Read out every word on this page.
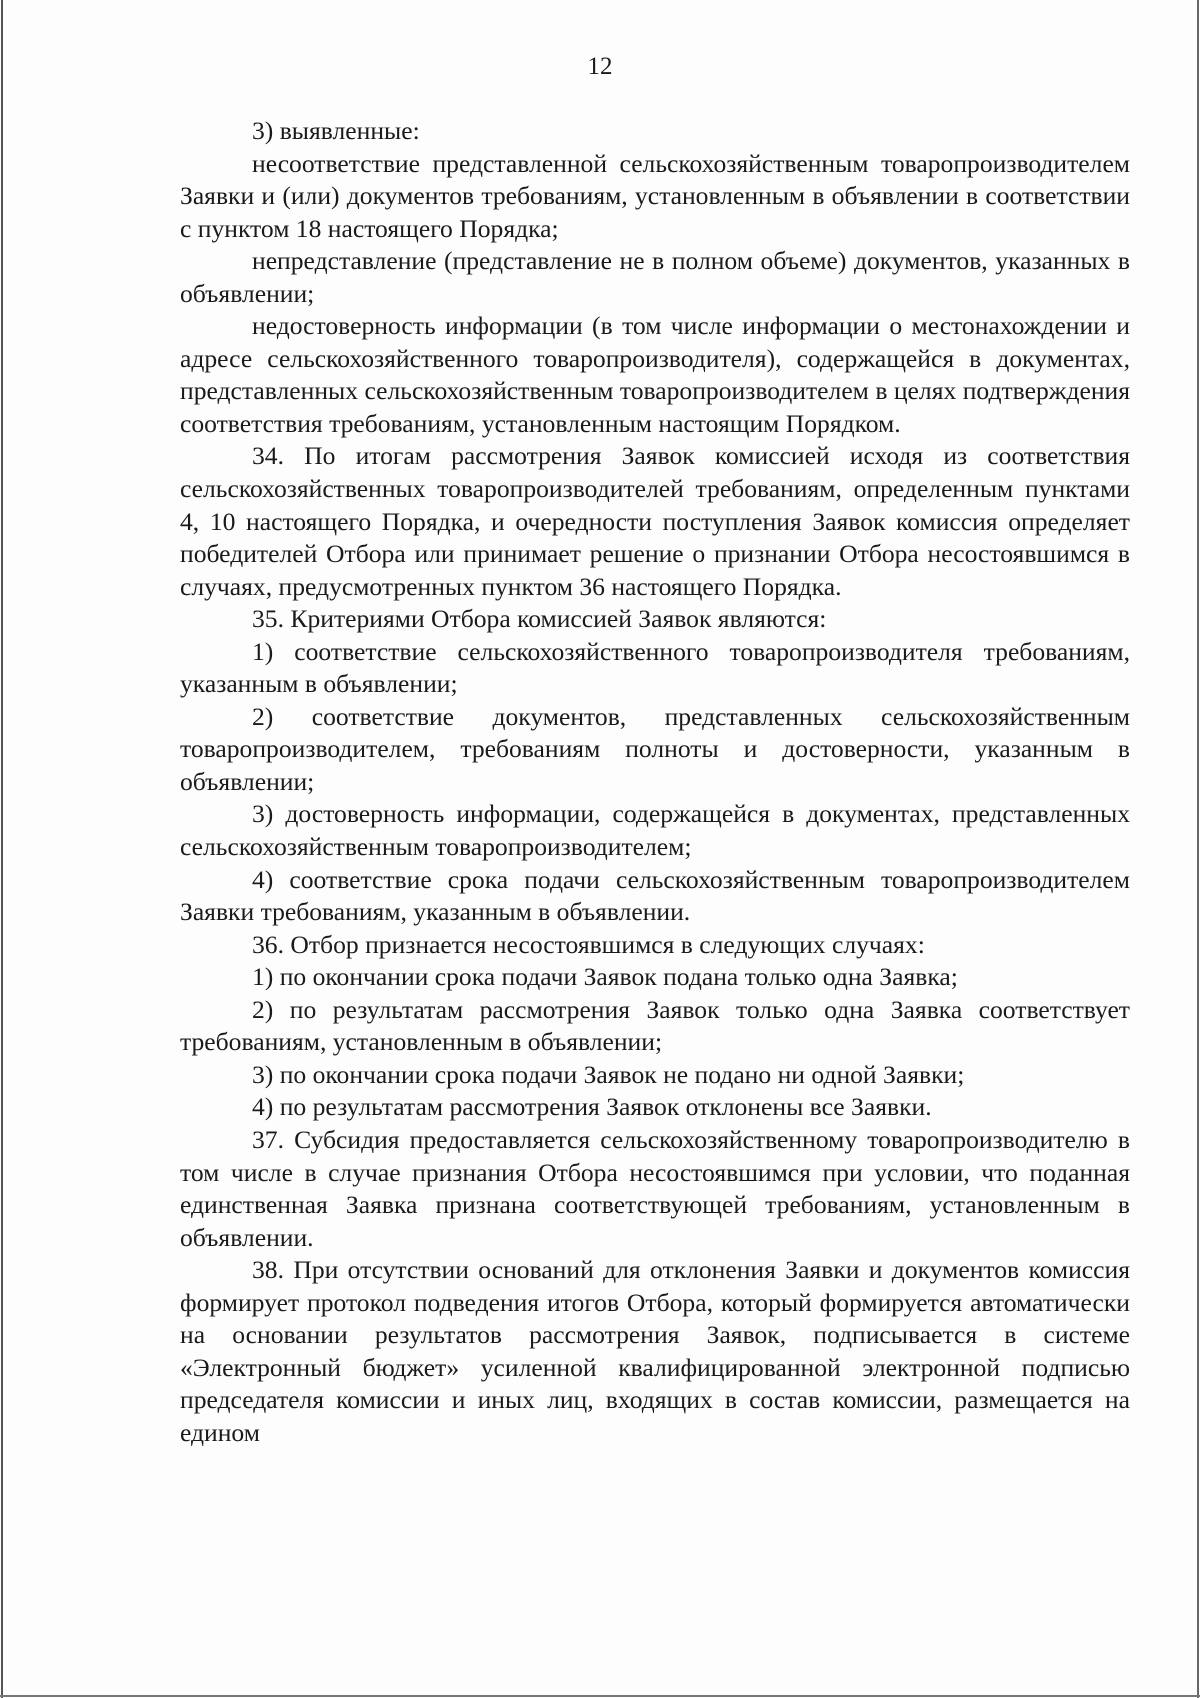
12

3) выявленные:

несоответствие представленной сельскохозяйственным товаропроизводителем Заявки и (или) документов требованиям, установленным в объявлении в соответствии с пунктом 18 настоящего Порядка;

непредставление (представление не в полном объеме) документов, указанных в объявлении;

недостоверность информации (в том числе информации о местонахождении и адресе сельскохозяйственного товаропроизводителя), содержащейся в документах, представленных сельскохозяйственным товаропроизводителем в целях подтверждения соответствия требованиям, установленным настоящим Порядком.

34. По итогам рассмотрения Заявок комиссией исходя из соответствия сельскохозяйственных товаропроизводителей требованиям, определенным пунктами 4, 10 настоящего Порядка, и очередности поступления Заявок комиссия определяет победителей Отбора или принимает решение о признании Отбора несостоявшимся в случаях, предусмотренных пунктом 36 настоящего Порядка.

35. Критериями Отбора комиссией Заявок являются:

1) соответствие сельскохозяйственного товаропроизводителя требованиям, указанным в объявлении;

2) соответствие документов, представленных сельскохозяйственным товаропроизводителем, требованиям полноты и достоверности, указанным в объявлении;

3) достоверность информации, содержащейся в документах, представленных сельскохозяйственным товаропроизводителем;

4) соответствие срока подачи сельскохозяйственным товаропроизводителем Заявки требованиям, указанным в объявлении.

36. Отбор признается несостоявшимся в следующих случаях:

1) по окончании срока подачи Заявок подана только одна Заявка;

2) по результатам рассмотрения Заявок только одна Заявка соответствует требованиям, установленным в объявлении;

3) по окончании срока подачи Заявок не подано ни одной Заявки;

4) по результатам рассмотрения Заявок отклонены все Заявки.

37. Субсидия предоставляется сельскохозяйственному товаропроизводителю в том числе в случае признания Отбора несостоявшимся при условии, что поданная единственная Заявка признана соответствующей требованиям, установленным в объявлении.

38. При отсутствии оснований для отклонения Заявки и документов комиссия формирует протокол подведения итогов Отбора, который формируется автоматически на основании результатов рассмотрения Заявок, подписывается в системе «Электронный бюджет» усиленной квалифицированной электронной подписью председателя комиссии и иных лиц, входящих в состав комиссии, размещается на едином
